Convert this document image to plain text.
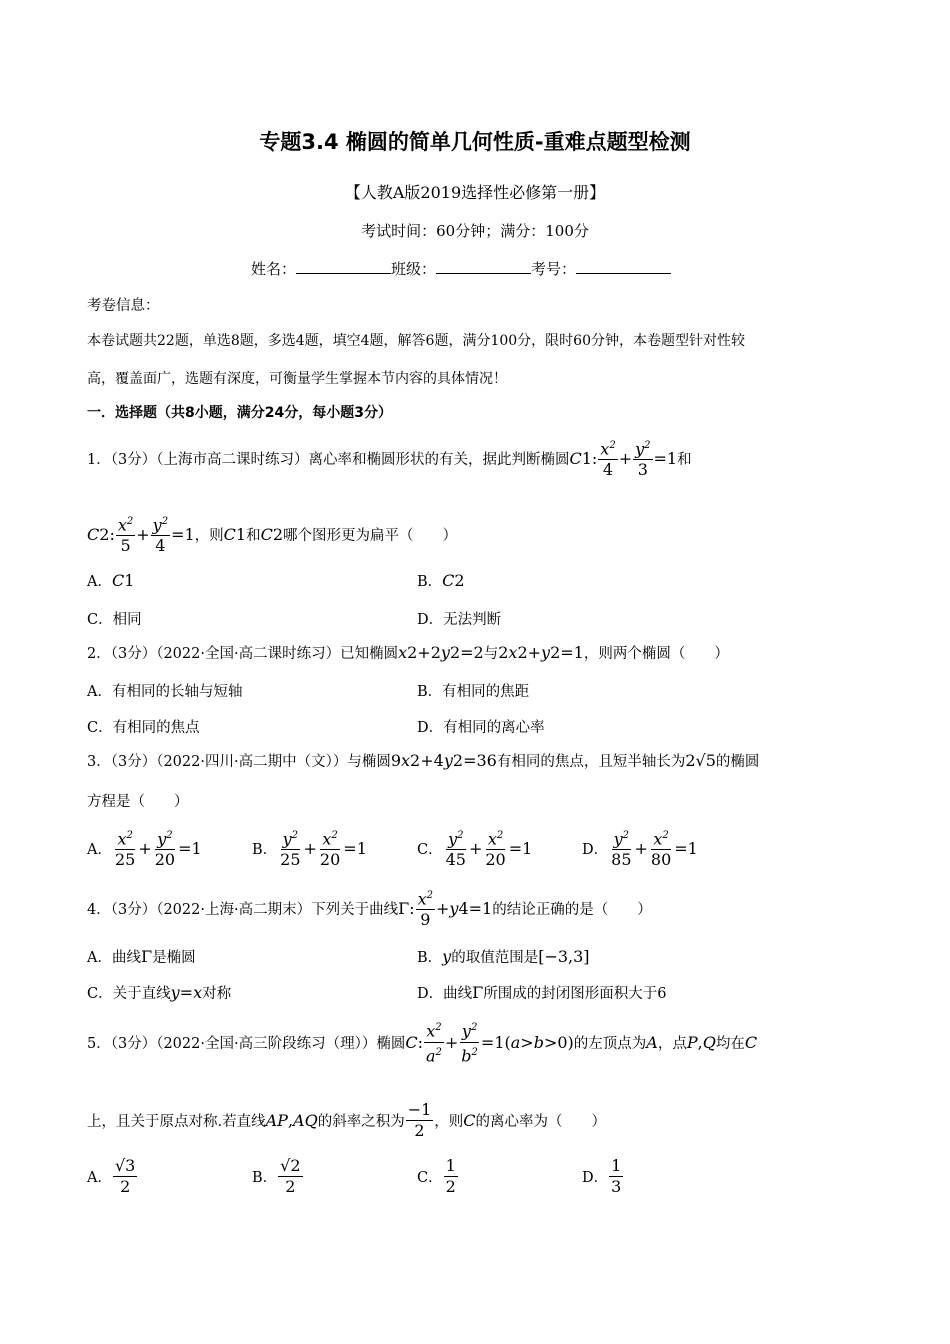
专题3.4 椭圆的简单几何性质-重难点题型检测
【人教A版2019选择性必修第一册】
考试时间：60分钟；满分：100分
姓名：	班级：	考号：
考卷信息：
本卷试题共22题，单选8题，多选4题，填空4题，解答6题，满分100分，限时60分钟，本卷题型针对性较
高，覆盖面广，选题有深度，可衡量学生掌握本节内容的具体情况！
一．选择题（共8小题，满分24分，每小题3分）
1．（3分）（上海市高二课时练习）离心率和椭圆形状的有关，据此判断椭圆 C 1 : $\frac{x^2}{4} + \frac{y^2}{3} =1$ 和
C 2 : $\frac{x^2}{5} + \frac{y^2}{4} =1$ ，则 C 1 和 C 2 哪个图形更为扁平（　　）
A． C 1	B． C 2
C．相同	D．无法判断
2．（3分）（2022·全国·高二课时练习）已知椭圆 x 2 +2 y 2 =2 与 2 x 2 + y 2 =1 ，则两个椭圆（　　）
A．有相同的长轴与短轴	B．有相同的焦距
C．有相同的焦点	D．有相同的离心率
3．（3分）（2022·四川·高二期中（文））与椭圆 9 x 2 +4 y 2 =36 有相同的焦点，且短半轴长为 2√5 的椭圆
方程是（　　）
A． $\frac{x^2}{25} + \frac{y^2}{20} =1$	B． $\frac{y^2}{25} + \frac{x^2}{20} =1$	C． $\frac{y^2}{45} + \frac{x^2}{20} =1$	D． $\frac{y^2}{85} + \frac{x^2}{80} =1$
4．（3分）（2022·上海·高二期末）下列关于曲线 Γ: $\frac{x^2}{9} + y$ 4 =1 的结论正确的是（　　）
A．曲线 Γ 是椭圆	B． y 的取值范围是 [−3,3]
C．关于直线 y = x 对称	D．曲线 Γ 所围成的封闭图形面积大于6
5．（3分）（2022·全国·高三阶段练习（理））椭圆 C : $\frac{x^2}{a^2} + \frac{y^2}{b^2} =1$( a > b >0) 的左顶点为 A ，点 P , Q 均在 C
上，且关于原点对称.若直线 AP , AQ 的斜率之积为 $\frac{-1}{2}$ ，则 C 的离心率为（　　）
A． $\frac{√3}{2}$	B． $\frac{√2}{2}$	C． $\frac{1}{2}$	D． $\frac{1}{3}$
